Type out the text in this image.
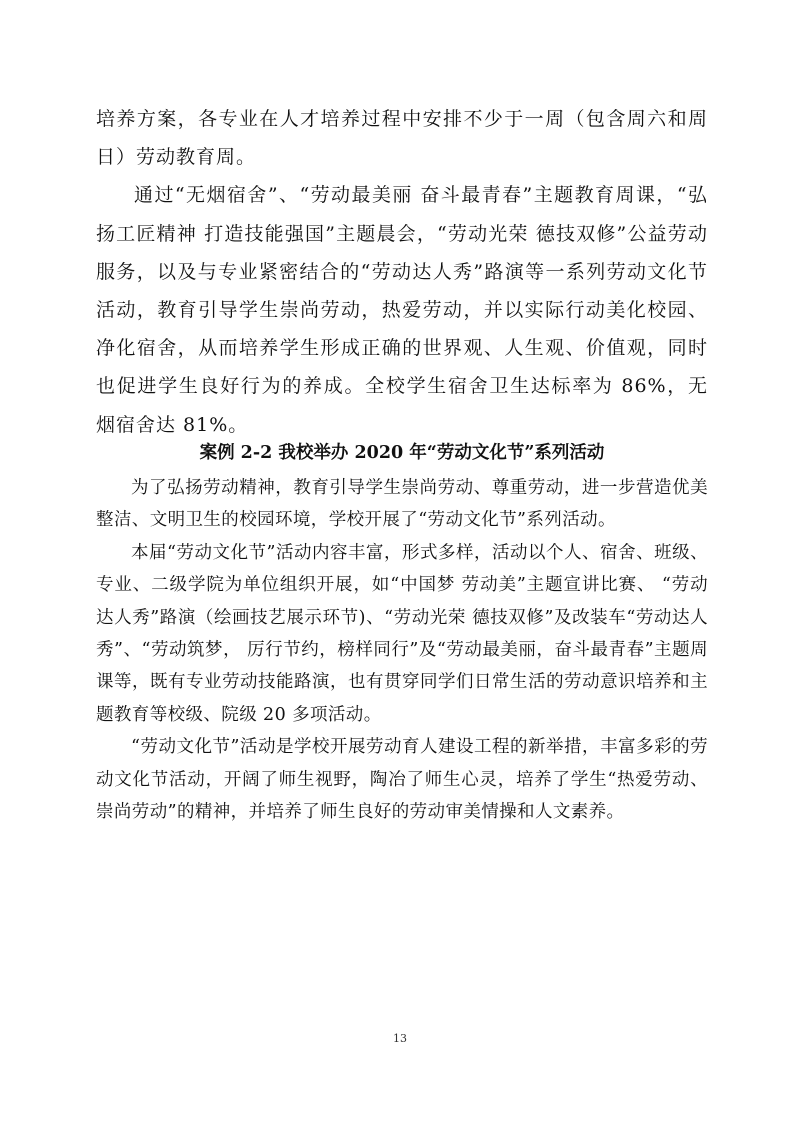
培养方案，各专业在人才培养过程中安排不少于一周（包含周六和周日）劳动教育周。

通过“无烟宿舍”、“劳动最美丽 奋斗最青春”主题教育周课，“弘扬工匠精神 打造技能强国”主题晨会，“劳动光荣 德技双修”公益劳动服务，以及与专业紧密结合的“劳动达人秀”路演等一系列劳动文化节活动，教育引导学生崇尚劳动，热爱劳动，并以实际行动美化校园、净化宿舍，从而培养学生形成正确的世界观、人生观、价值观，同时也促进学生良好行为的养成。全校学生宿舍卫生达标率为 86%，无烟宿舍达 81%。

案例 2-2 我校举办 2020 年“劳动文化节”系列活动

为了弘扬劳动精神，教育引导学生崇尚劳动、尊重劳动，进一步营造优美整洁、文明卫生的校园环境，学校开展了“劳动文化节”系列活动。

本届“劳动文化节”活动内容丰富，形式多样，活动以个人、宿舍、班级、专业、二级学院为单位组织开展，如“中国梦 劳动美”主题宣讲比赛、 “劳动达人秀”路演（绘画技艺展示环节)、“劳动光荣 德技双修”及改装车“劳动达人秀”、“劳动筑梦， 厉行节约，榜样同行”及“劳动最美丽，奋斗最青春”主题周课等，既有专业劳动技能路演，也有贯穿同学们日常生活的劳动意识培养和主题教育等校级、院级 20 多项活动。

“劳动文化节”活动是学校开展劳动育人建设工程的新举措，丰富多彩的劳动文化节活动，开阔了师生视野，陶冶了师生心灵，培养了学生“热爱劳动、崇尚劳动”的精神，并培养了师生良好的劳动审美情操和人文素养。

13
